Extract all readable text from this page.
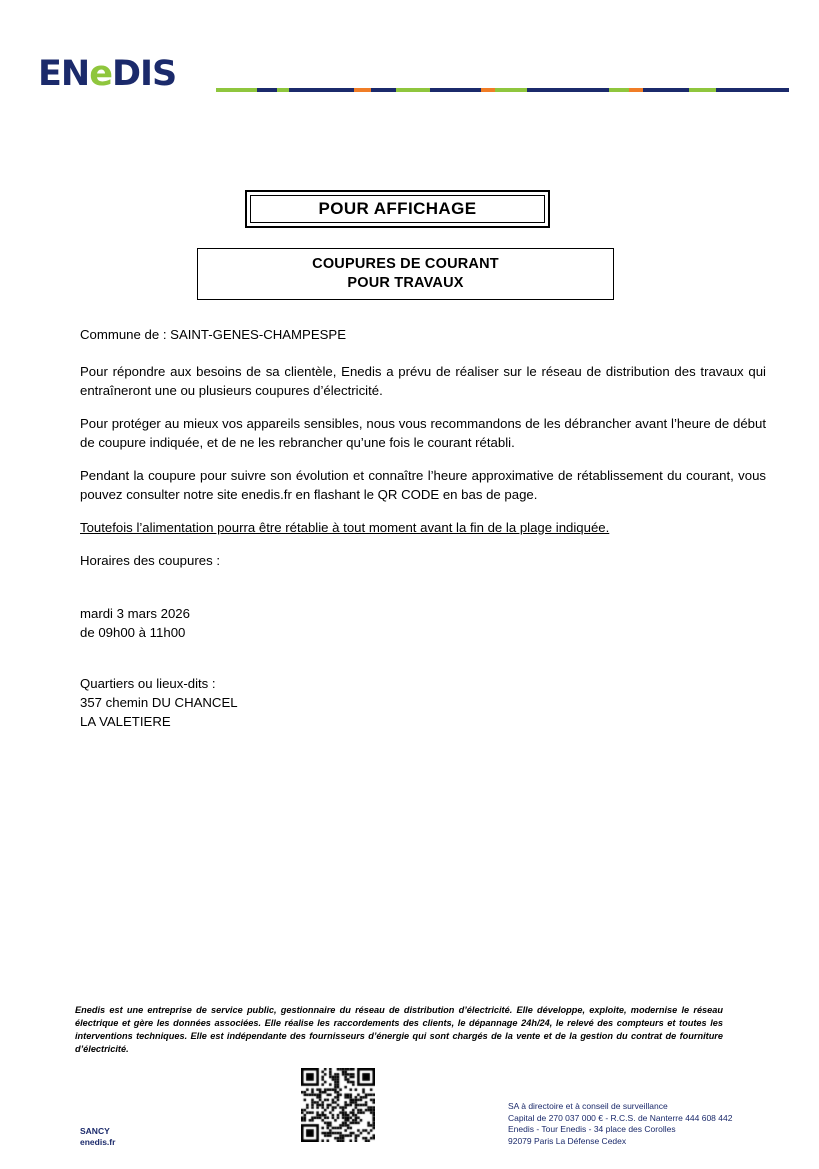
ENeDIS
POUR AFFICHAGE
COUPURES DE COURANT
POUR TRAVAUX

Commune de : SAINT-GENES-CHAMPESPE

Pour répondre aux besoins de sa clientèle, Enedis a prévu de réaliser sur le réseau de distribution des travaux qui entraîneront une ou plusieurs coupures d’électricité.

Pour protéger au mieux vos appareils sensibles, nous vous recommandons de les débrancher avant l’heure de début de coupure indiquée, et de ne les rebrancher qu’une fois le courant rétabli.

Pendant la coupure pour suivre son évolution et connaître l’heure approximative de rétablissement du courant, vous pouvez consulter notre site enedis.fr en flashant le QR CODE en bas de page.

Toutefois l’alimentation pourra être rétablie à tout moment avant la fin de la plage indiquée.

Horaires des coupures :

mardi 3 mars 2026
de 09h00 à 11h00
Quartiers ou lieux-dits :
357 chemin DU CHANCEL
LA VALETIERE
Enedis est une entreprise de service public, gestionnaire du réseau de distribution d’électricité. Elle développe, exploite, modernise le réseau électrique et gère les données associées. Elle réalise les raccordements des clients, le dépannage 24h/24, le relevé des compteurs et toutes les interventions techniques. Elle est indépendante des fournisseurs d’énergie qui sont chargés de la vente et de la gestion du contrat de fourniture d’électricité.
SANCY
enedis.fr
SA à directoire et à conseil de surveillance
Capital de 270 037 000 € - R.C.S. de Nanterre 444 608 442
Enedis - Tour Enedis - 34 place des Corolles
92079 Paris La Défense Cedex
